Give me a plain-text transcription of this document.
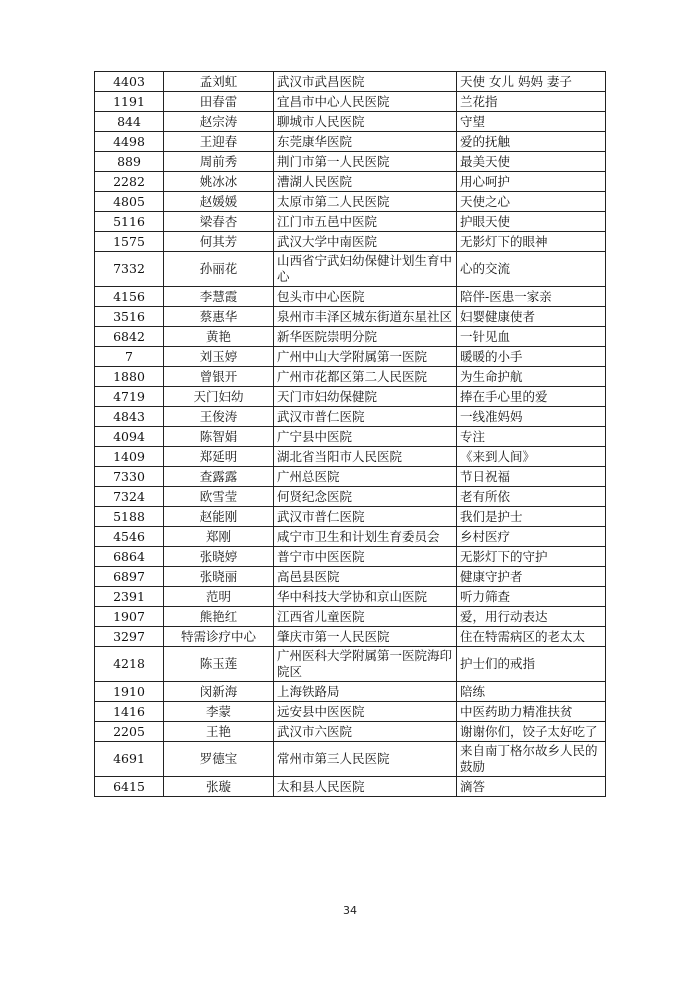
4403	孟刘虹	武汉市武昌医院	天使 女儿 妈妈 妻子
1191	田春雷	宜昌市中心人民医院	兰花指
844	赵宗涛	聊城市人民医院	守望
4498	王迎春	东莞康华医院	爱的抚触
889	周前秀	荆门市第一人民医院	最美天使
2282	姚冰冰	漕湖人民医院	用心呵护
4805	赵媛媛	太原市第二人民医院	天使之心
5116	梁春杏	江门市五邑中医院	护眼天使
1575	何其芳	武汉大学中南医院	无影灯下的眼神
7332	孙丽花	山西省宁武妇幼保健计划生育中心	心的交流
4156	李慧霞	包头市中心医院	陪伴-医患一家亲
3516	蔡惠华	泉州市丰泽区城东街道东星社区	妇婴健康使者
6842	黄艳	新华医院崇明分院	一针见血
7	刘玉婷	广州中山大学附属第一医院	暖暖的小手
1880	曾银开	广州市花都区第二人民医院	为生命护航
4719	天门妇幼	天门市妇幼保健院	捧在手心里的爱
4843	王俊涛	武汉市普仁医院	一线准妈妈
4094	陈智娟	广宁县中医院	专注
1409	郑延明	湖北省当阳市人民医院	《来到人间》
7330	查露露	广州总医院	节日祝福
7324	欧雪莹	何贤纪念医院	老有所依
5188	赵能刚	武汉市普仁医院	我们是护士
4546	郑刚	咸宁市卫生和计划生育委员会	乡村医疗
6864	张晓婷	普宁市中医医院	无影灯下的守护
6897	张晓丽	高邑县医院	健康守护者
2391	范明	华中科技大学协和京山医院	听力筛查
1907	熊艳红	江西省儿童医院	爱，用行动表达
3297	特需诊疗中心	肇庆市第一人民医院	住在特需病区的老太太
4218	陈玉莲	广州医科大学附属第一医院海印院区	护士们的戒指
1910	闵新海	上海铁路局	陪练
1416	李蒙	远安县中医医院	中医药助力精准扶贫
2205	王艳	武汉市六医院	谢谢你们，饺子太好吃了
4691	罗德宝	常州市第三人民医院	来自南丁格尔故乡人民的鼓励
6415	张璇	太和县人民医院	滴答
34
